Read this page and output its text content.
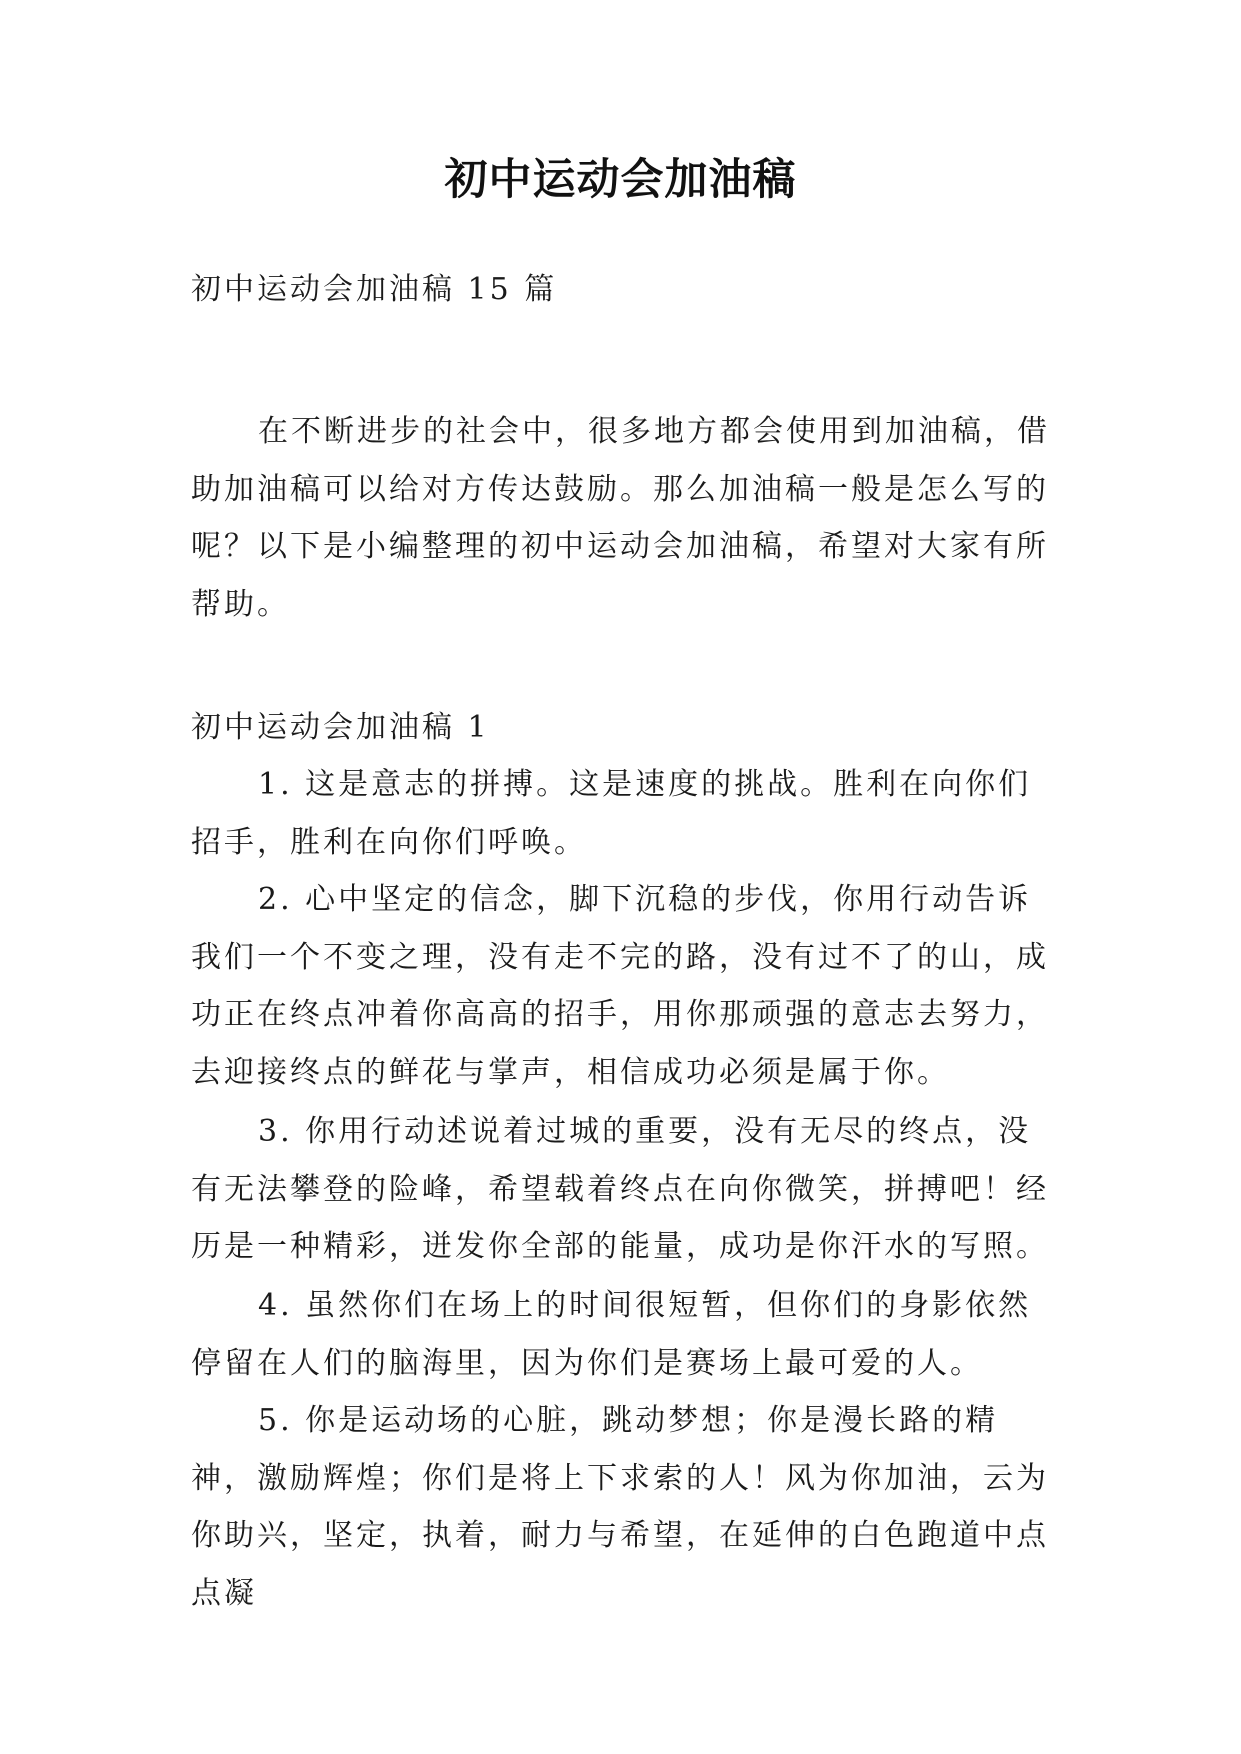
初中运动会加油稿

初中运动会加油稿 15 篇

在不断进步的社会中，很多地方都会使用到加油稿，借助加油稿可以给对方传达鼓励。那么加油稿一般是怎么写的呢？以下是小编整理的初中运动会加油稿，希望对大家有所帮助。

初中运动会加油稿 1

1. 这是意志的拼搏。这是速度的挑战。胜利在向你们招手，胜利在向你们呼唤。

2. 心中坚定的信念，脚下沉稳的步伐，你用行动告诉我们一个不变之理，没有走不完的路，没有过不了的山，成功正在终点冲着你高高的招手，用你那顽强的意志去努力，去迎接终点的鲜花与掌声，相信成功必须是属于你。

3. 你用行动述说着过城的重要，没有无尽的终点，没有无法攀登的险峰，希望载着终点在向你微笑，拼搏吧！经历是一种精彩，迸发你全部的能量，成功是你汗水的写照。

4. 虽然你们在场上的时间很短暂，但你们的身影依然停留在人们的脑海里，因为你们是赛场上最可爱的人。

5. 你是运动场的心脏，跳动梦想；你是漫长路的精神，激励辉煌；你们是将上下求索的人！风为你加油，云为你助兴，坚定，执着，耐力与希望，在延伸的白色跑道中点点凝
